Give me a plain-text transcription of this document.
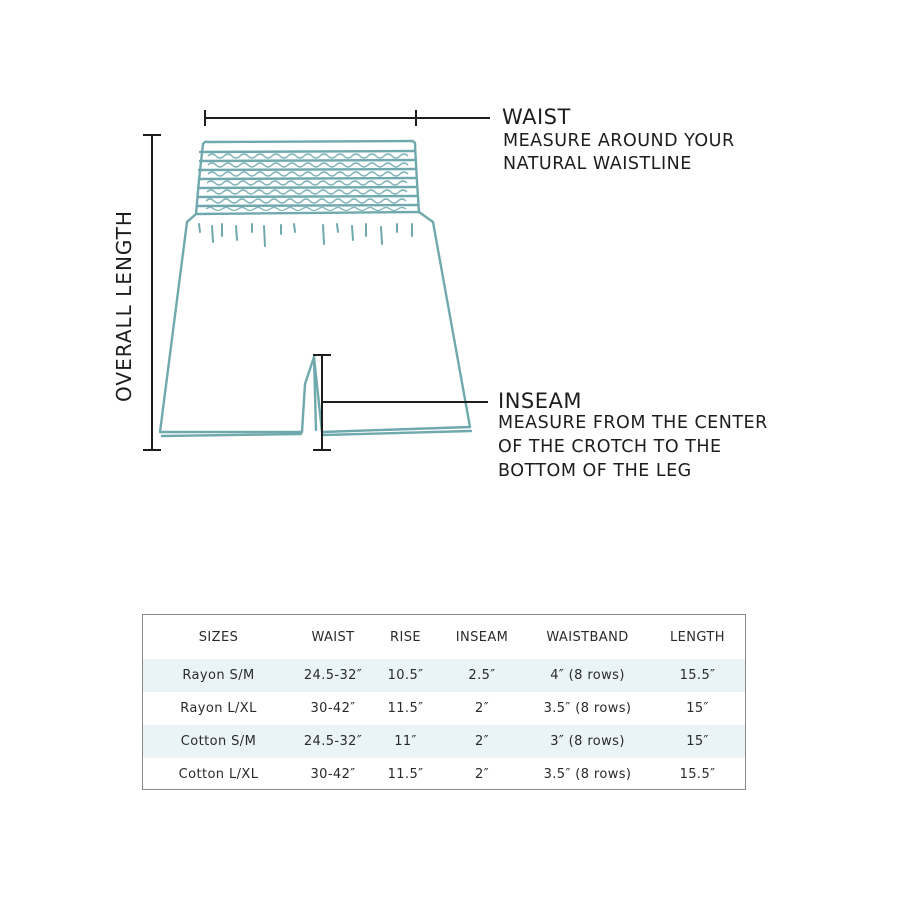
WAIST
MEASURE AROUND YOUR
NATURAL WAISTLINE
INSEAM
MEASURE FROM THE CENTER
OF THE CROTCH TO THE
BOTTOM OF THE LEG
OVERALL LENGTH
SIZES	WAIST	RISE	INSEAM	WAISTBAND	LENGTH
Rayon S/M	24.5-32″	10.5″	2.5″	4″ (8 rows)	15.5″
Rayon L/XL	30-42″	11.5″	2″	3.5″ (8 rows)	15″
Cotton S/M	24.5-32″	11″	2″	3″ (8 rows)	15″
Cotton L/XL	30-42″	11.5″	2″	3.5″ (8 rows)	15.5″
